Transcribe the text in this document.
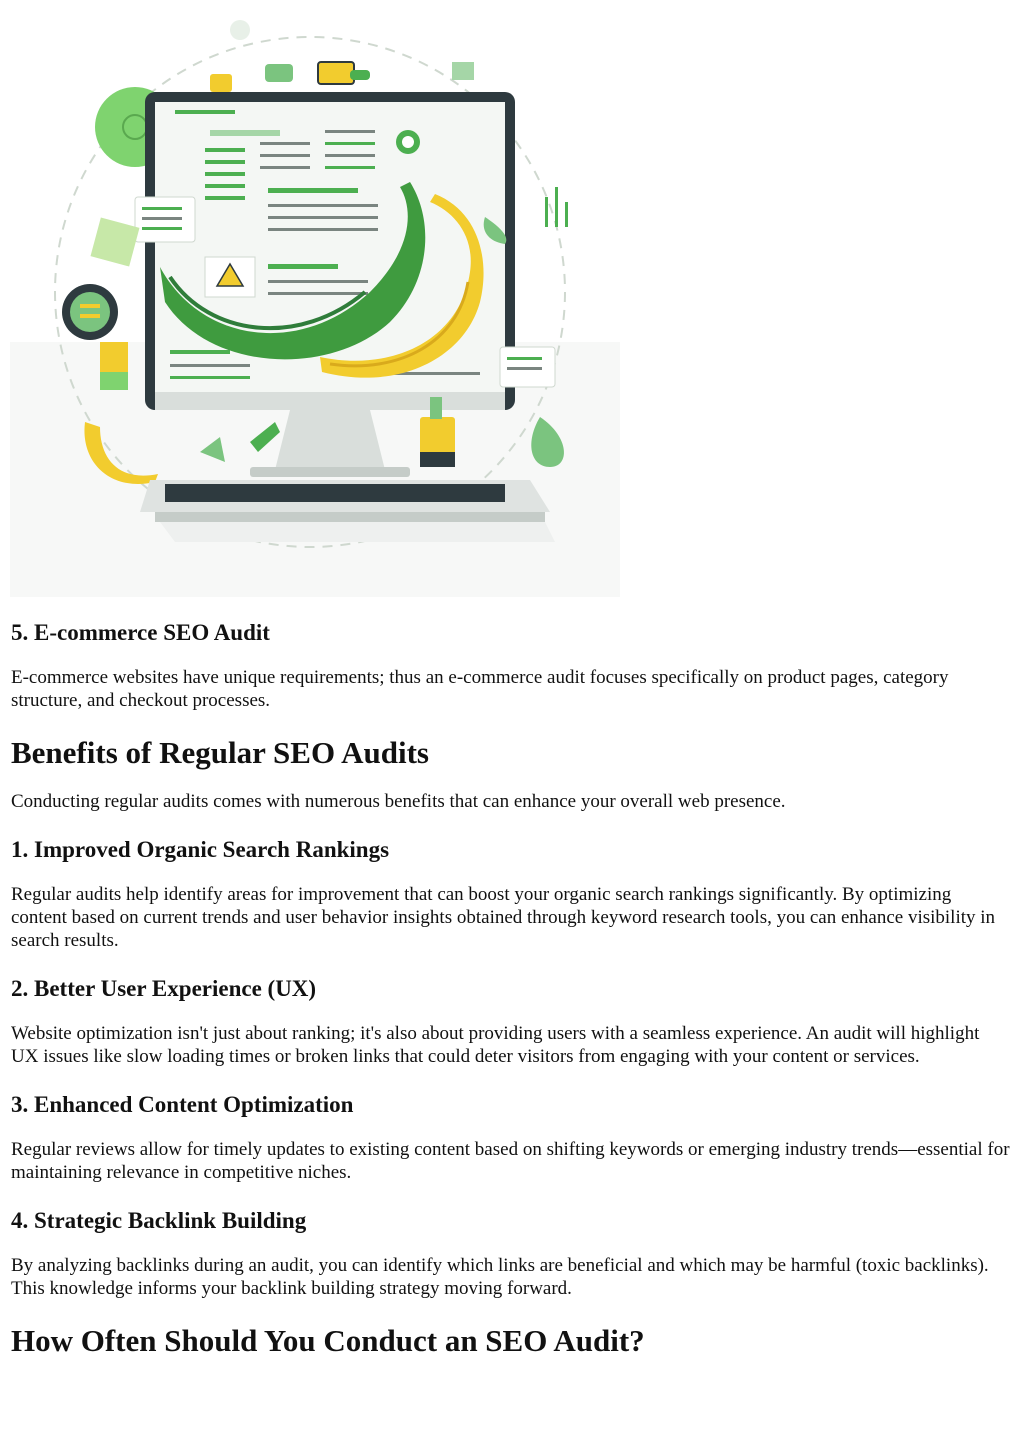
5. E-commerce SEO Audit

E-commerce websites have unique requirements; thus an e-commerce audit focuses specifically on product pages, category structure, and checkout processes.

Benefits of Regular SEO Audits

Conducting regular audits comes with numerous benefits that can enhance your overall web presence.

1. Improved Organic Search Rankings

Regular audits help identify areas for improvement that can boost your organic search rankings significantly. By optimizing content based on current trends and user behavior insights obtained through keyword research tools, you can enhance visibility in search results.

2. Better User Experience (UX)

Website optimization isn't just about ranking; it's also about providing users with a seamless experience. An audit will highlight UX issues like slow loading times or broken links that could deter visitors from engaging with your content or services.

3. Enhanced Content Optimization

Regular reviews allow for timely updates to existing content based on shifting keywords or emerging industry trends—essential for maintaining relevance in competitive niches.

4. Strategic Backlink Building

By analyzing backlinks during an audit, you can identify which links are beneficial and which may be harmful (toxic backlinks). This knowledge informs your backlink building strategy moving forward.

How Often Should You Conduct an SEO Audit?
